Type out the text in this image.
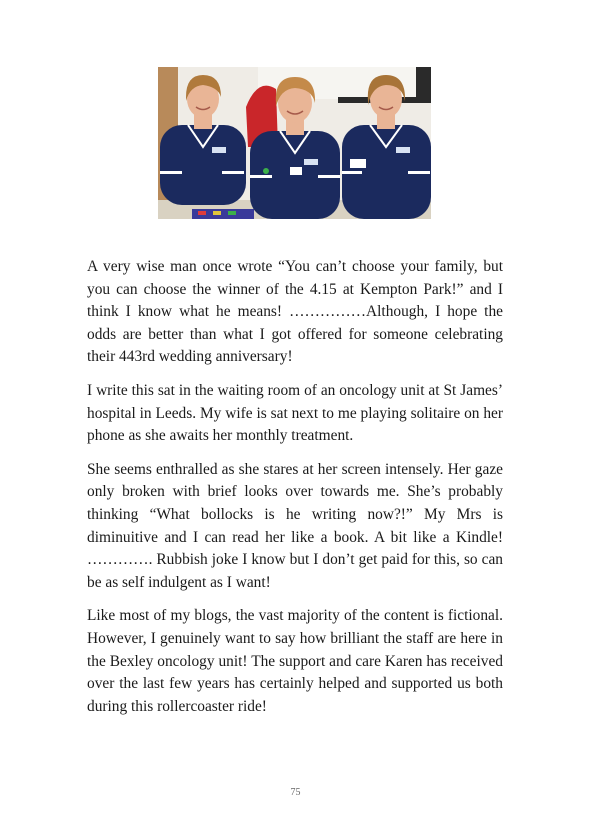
A very wise man once wrote “You can’t choose your family, but you can choose the winner of the 4.15 at Kempton Park!” and I think I know what he means! ……………Although, I hope the odds are better than what I got offered for someone celebrating their 443rd wedding anniversary!

I write this sat in the waiting room of an oncology unit at St James’ hospital in Leeds. My wife is sat next to me playing solitaire on her phone as she awaits her monthly treatment.

She seems enthralled as she stares at her screen intensely. Her gaze only broken with brief looks over towards me. She’s probably thinking “What bollocks is he writing now?!” My Mrs is diminuitive and I can read her like a book. A bit like a Kindle! …………. Rubbish joke I know but I don’t get paid for this, so can be as self indulgent as I want!

Like most of my blogs, the vast majority of the content is fictional. However, I genuinely want to say how brilliant the staff are here in the Bexley oncology unit! The support and care Karen has received over the last few years has certainly helped and supported us both during this rollercoaster ride!

75
